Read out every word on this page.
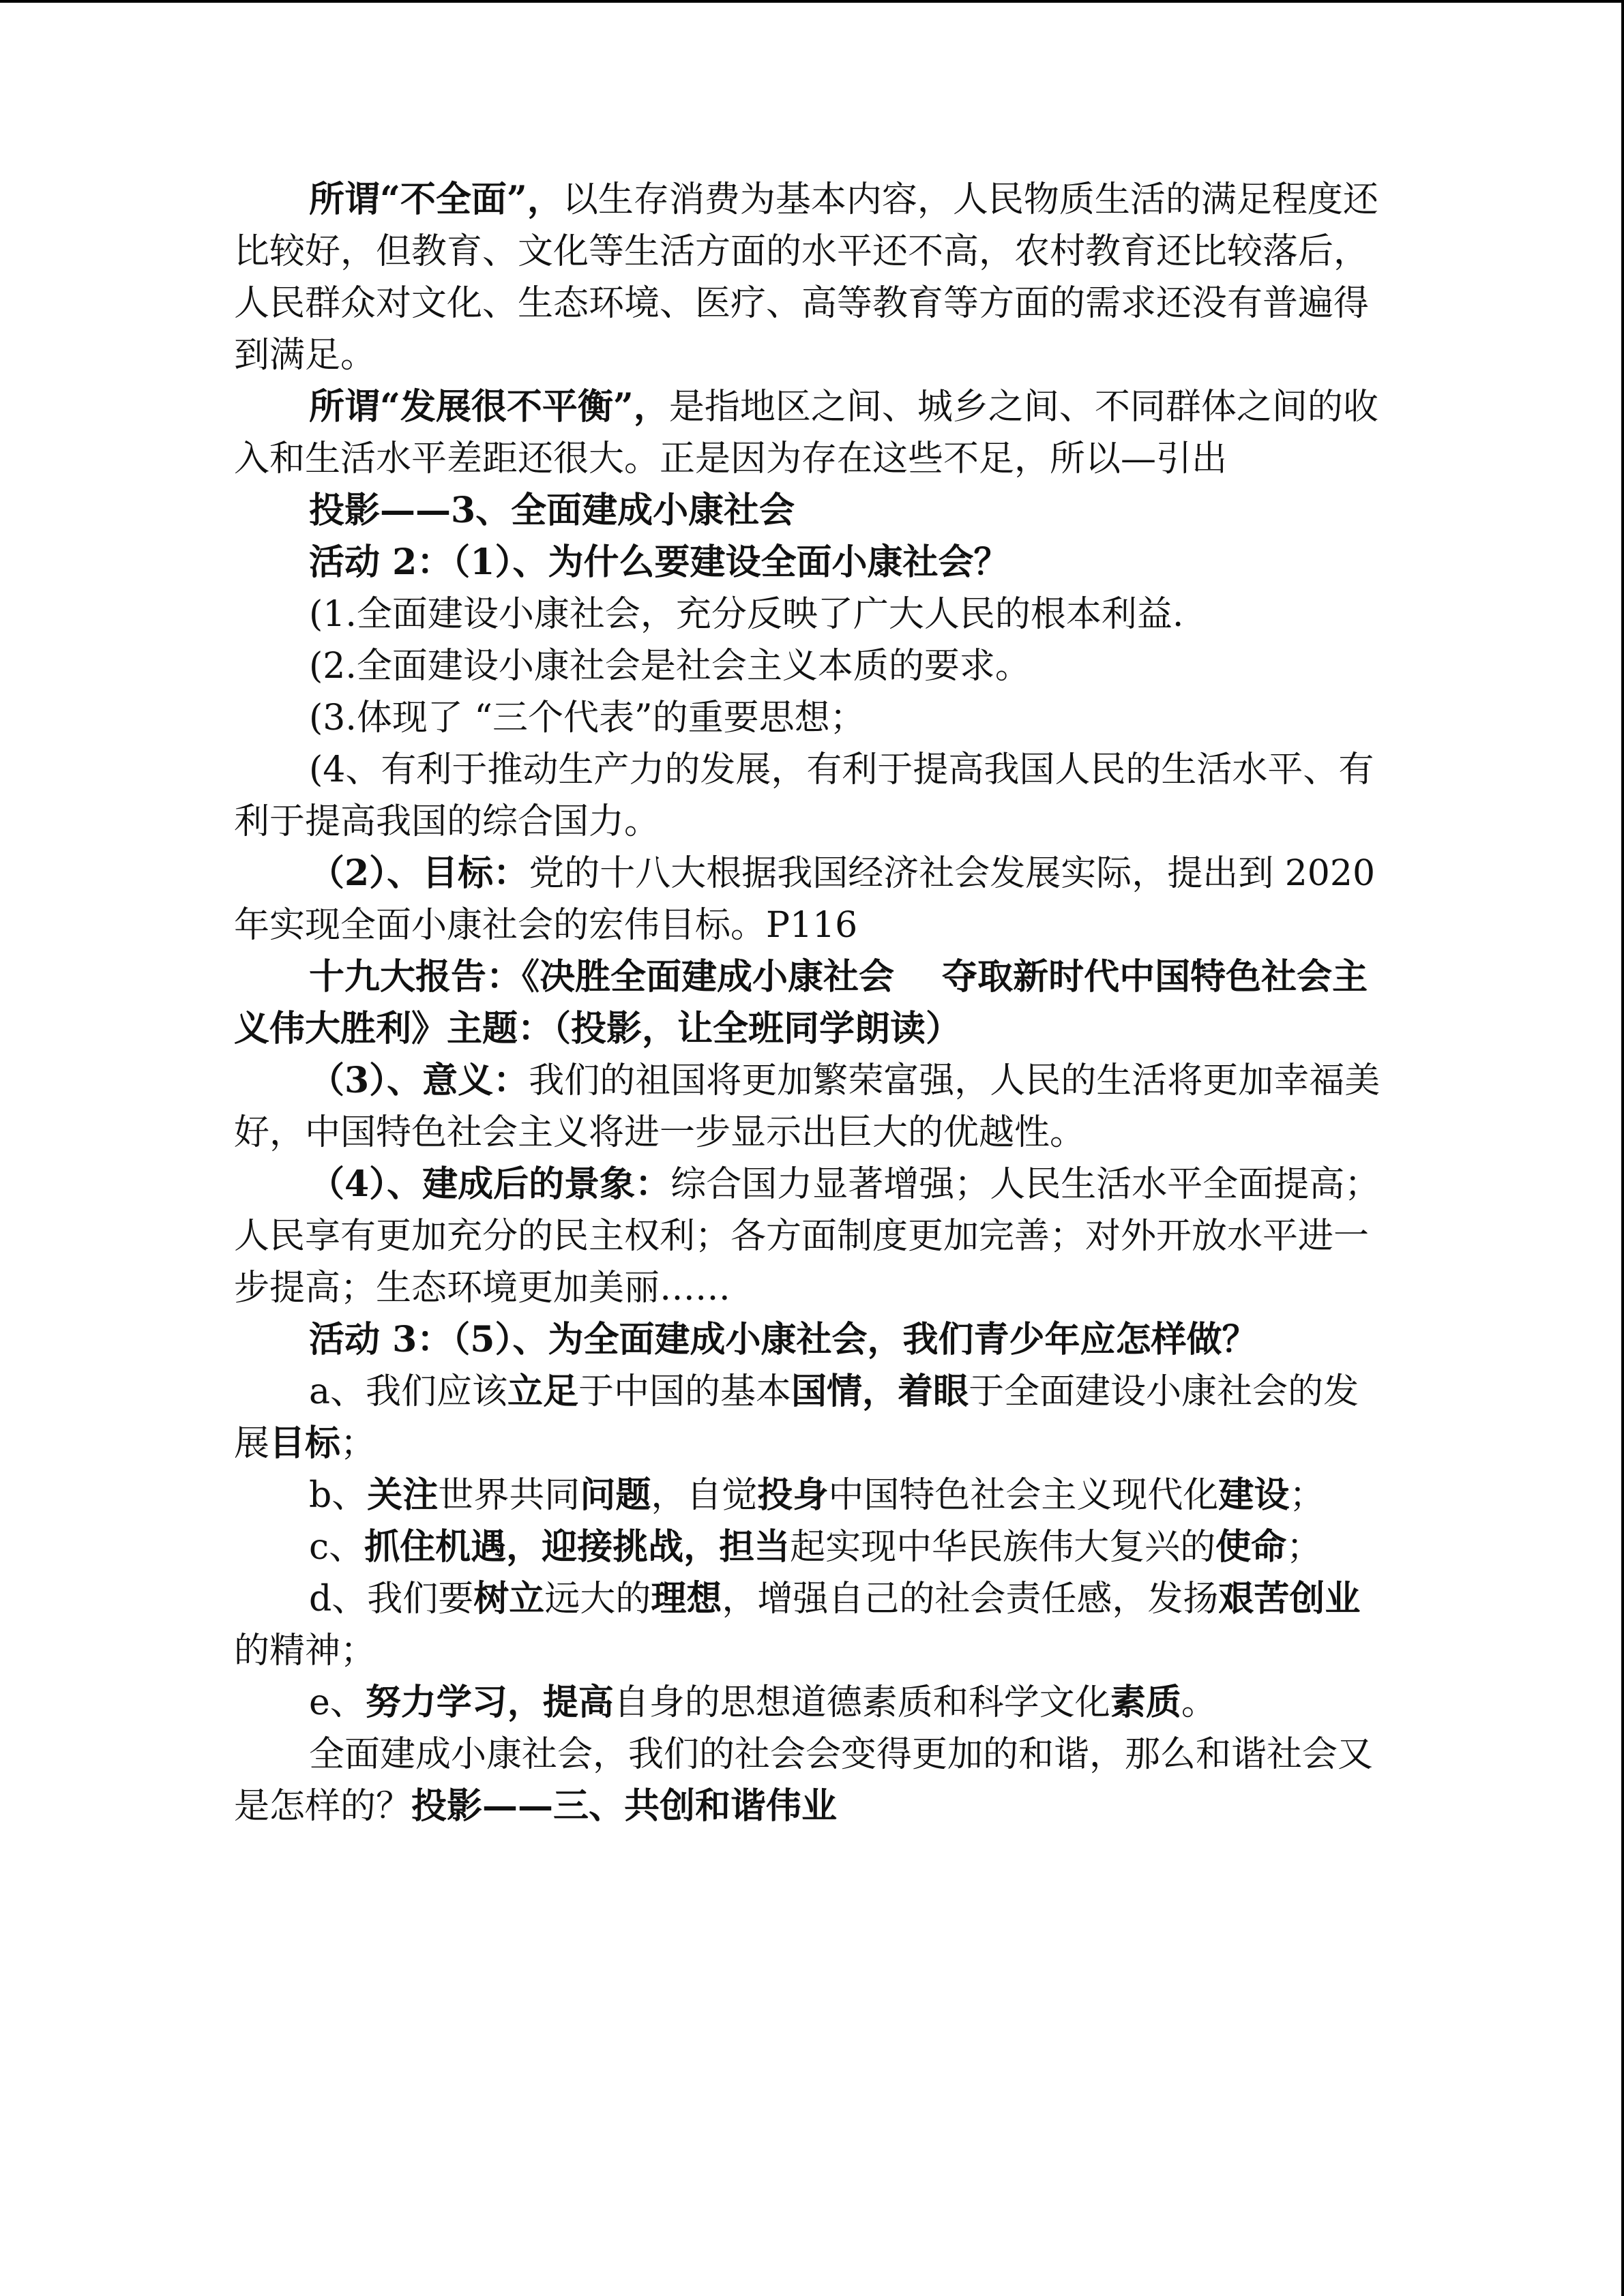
所谓“不全面”，以生存消费为基本内容，人民物质生活的满足程度还比较好，但教育、文化等生活方面的水平还不高，农村教育还比较落后，人民群众对文化、生态环境、医疗、高等教育等方面的需求还没有普遍得到满足。

所谓“发展很不平衡”，是指地区之间、城乡之间、不同群体之间的收入和生活水平差距还很大。正是因为存在这些不足，所以—引出

投影——3、全面建成小康社会

活动 2：（1）、为什么要建设全面小康社会？

(1.全面建设小康社会，充分反映了广大人民的根本利益.

(2.全面建设小康社会是社会主义本质的要求。

(3.体现了 “三个代表”的重要思想；

(4、有利于推动生产力的发展，有利于提高我国人民的生活水平、有利于提高我国的综合国力。

（2）、目标：党的十八大根据我国经济社会发展实际，提出到 2020 年实现全面小康社会的宏伟目标。P116

十九大报告：《决胜全面建成小康社会　 夺取新时代中国特色社会主义伟大胜利》主题：（投影，让全班同学朗读）

（3）、意义：我们的祖国将更加繁荣富强，人民的生活将更加幸福美好，中国特色社会主义将进一步显示出巨大的优越性。

（4）、建成后的景象：综合国力显著增强；人民生活水平全面提高；人民享有更加充分的民主权利；各方面制度更加完善；对外开放水平进一步提高；生态环境更加美丽……

活动 3：（5）、为全面建成小康社会，我们青少年应怎样做？

a、我们应该立足于中国的基本国情，着眼于全面建设小康社会的发展目标；

b、关注世界共同问题，自觉投身中国特色社会主义现代化建设；

c、抓住机遇，迎接挑战，担当起实现中华民族伟大复兴的使命；

d、我们要树立远大的理想，增强自己的社会责任感，发扬艰苦创业的精神；

e、努力学习，提高自身的思想道德素质和科学文化素质。

全面建成小康社会，我们的社会会变得更加的和谐，那么和谐社会又是怎样的？投影——三、共创和谐伟业
